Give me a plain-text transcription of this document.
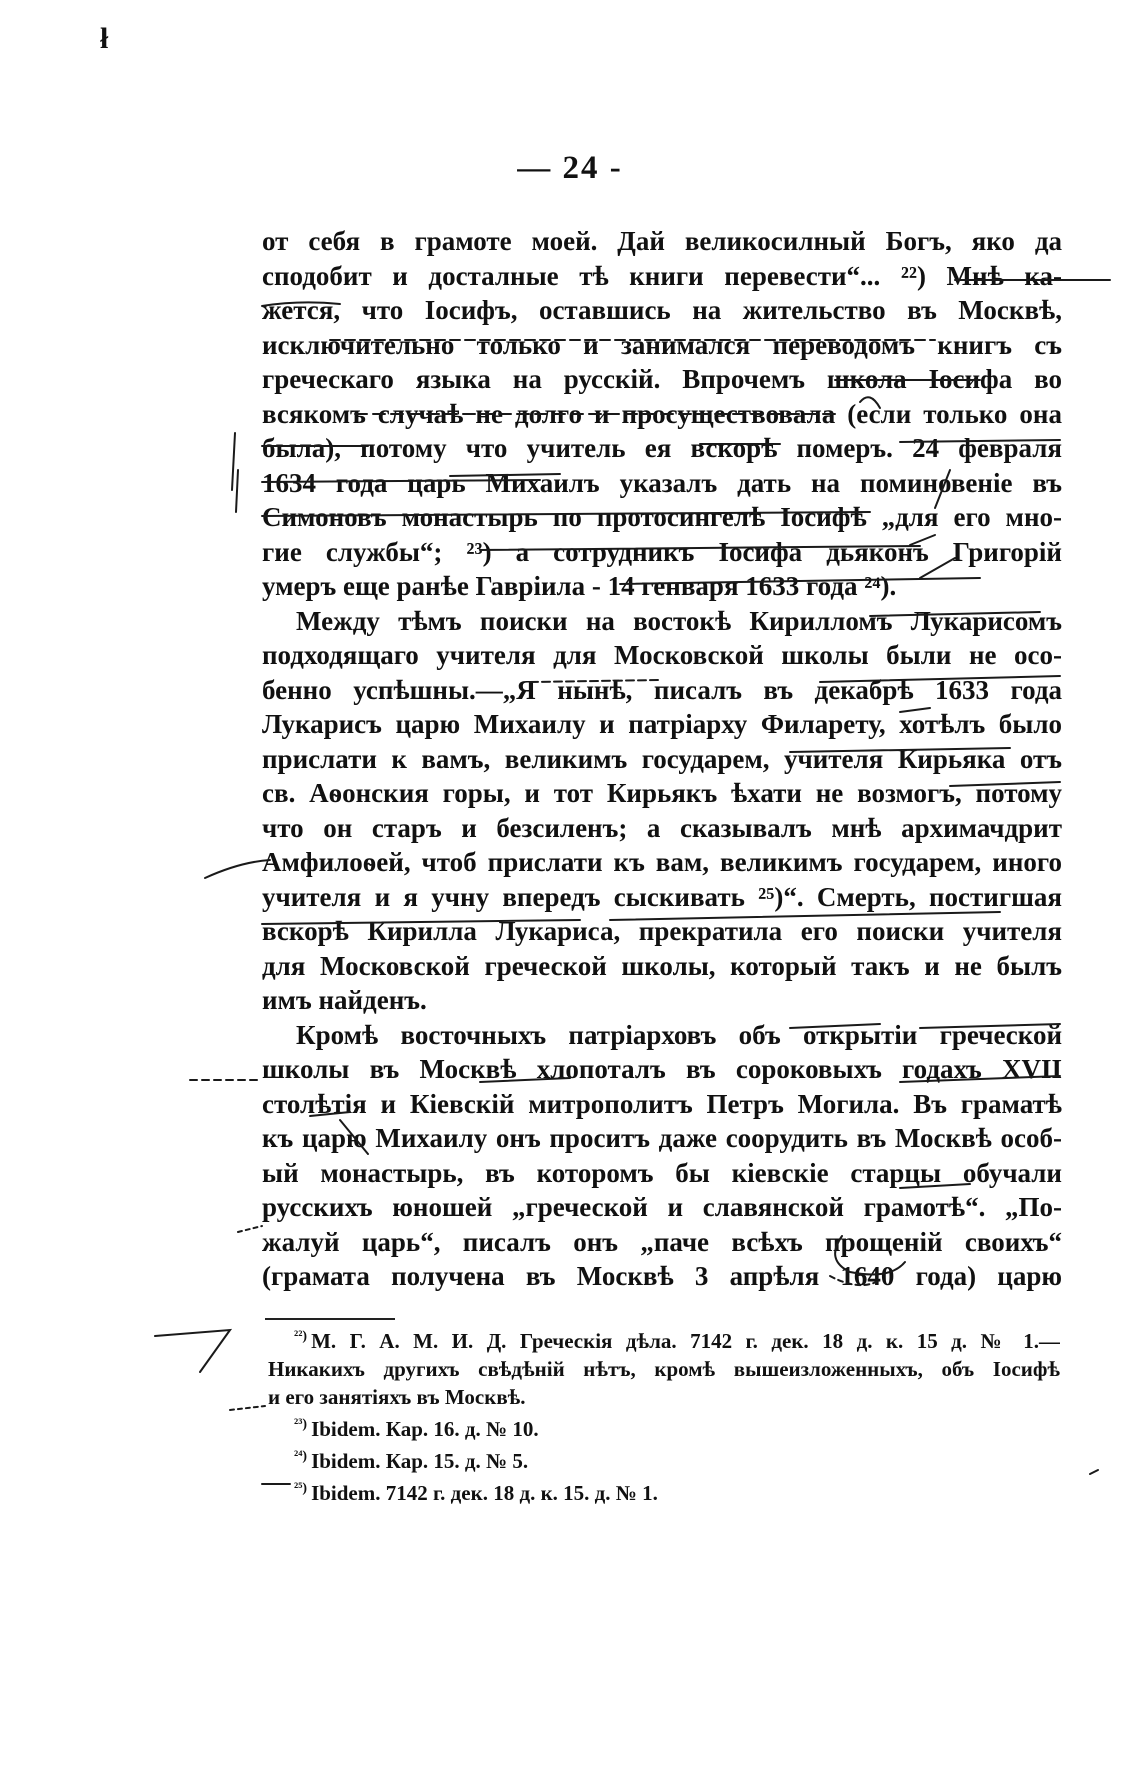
ł
— 24 -
от себя в грамоте моей. Дай великосилный Богъ, яко да
сподобит и досталные тѣ книги перевести“... ²²) Мнѣ ка-
жется, что Іосифъ, оставшись на жительство въ Москвѣ,
исключительно только и занимался переводомъ книгъ съ
греческаго языка на русскій. Впрочемъ школа Іосифа во
всякомъ случаѣ не долго и просуществовала (если только она
была), потому что учитель ея вскорѣ померъ. 24 февраля
1634 года царь Михаилъ указалъ дать на поминовеніе въ
Симоновъ монастырь по протосингелѣ Іосифѣ „для его мно-
гие службы“; ²³) а сотрудникъ Іосифа дьяконъ Григорій
умеръ еще ранѣе Гавріила - 14 генваря 1633 года ²⁴).
Между тѣмъ поиски на востокѣ Кирилломъ Лукарисомъ
подходящаго учителя для Московской школы были не осо-
бенно успѣшны.—„Я нынѣ, писалъ въ декабрѣ 1633 года
Лукарисъ царю Михаилу и патріарху Филарету, хотѣлъ было
прислати к вамъ, великимъ государем, учителя Кирьяка отъ
св. Аѳонския горы, и тот Кирьякъ ѣхати не возмогъ, потому
что он старъ и безсиленъ; а сказывалъ мнѣ архимачдрит
Амфилоѳей, чтоб прислати къ вам, великимъ государем, иного
учителя и я учну впередъ сыскивать ²⁵)“. Смерть, постигшая
вскорѣ Кирилла Лукариса, прекратила его поиски учителя
для Московской греческой школы, который такъ и не былъ
имъ найденъ.
Кромѣ восточныхъ патріарховъ объ открытіи греческой
школы въ Москвѣ хлопоталъ въ сороковыхъ годахъ XVII
столѣтія и Кіевскій митрополитъ Петръ Могила. Въ граматѣ
къ царю Михаилу онъ проситъ даже соорудить въ Москвѣ особ-
ый монастырь, въ которомъ бы кіевскіе старцы обучали
русскихъ юношей „греческой и славянской грамотѣ“. „По-
жалуй царь“, писалъ онъ „паче всѣхъ прощеній своихъ“
(грамата получена въ Москвѣ 3 апрѣля 1640 года) царю
$^{^{22})}$ М. Г. А. М. И. Д. Греческія дѣла. 7142 г. дек. 18 д. к. 15 д. № 1.—
Никакихъ другихъ свѣдѣній нѣтъ, кромѣ вышеизложенныхъ, объ Іосифѣ
и его занятіяхъ въ Москвѣ.
$^{^{23})}$ Ibidem. Кар. 16. д. № 10.
$^{^{24})}$ Ibidem. Кар. 15. д. № 5.
$^{^{25})}$ Ibidem. 7142 г. дек. 18 д. к. 15. д. № 1.
